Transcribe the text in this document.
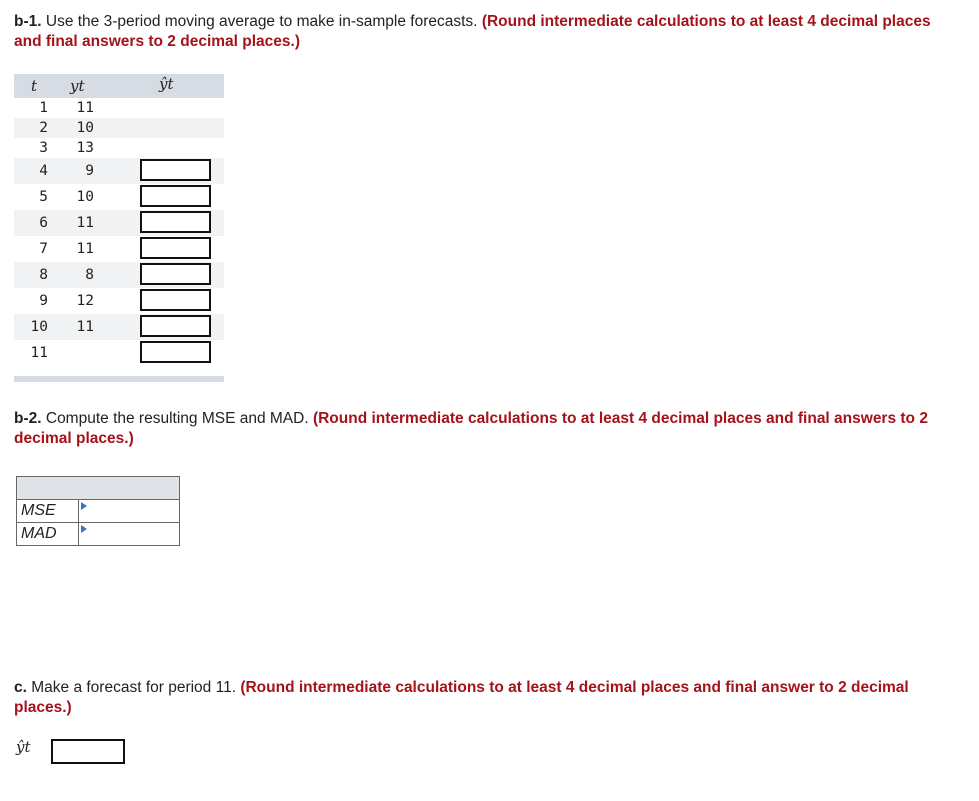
b-1. Use the 3-period moving average to make in-sample forecasts. (Round intermediate calculations to at least 4 decimal places and final answers to 2 decimal places.)

t yt	ŷt
1	11
2	10
3	13
4	9
5	10
6	11
7	11
8	8
9	12
10	11
11

b-2. Compute the resulting MSE and MAD. (Round intermediate calculations to at least 4 decimal places and final answers to 2 decimal places.)

MSE
MAD

c. Make a forecast for period 11. (Round intermediate calculations to at least 4 decimal places and final answer to 2 decimal places.)

ŷt
